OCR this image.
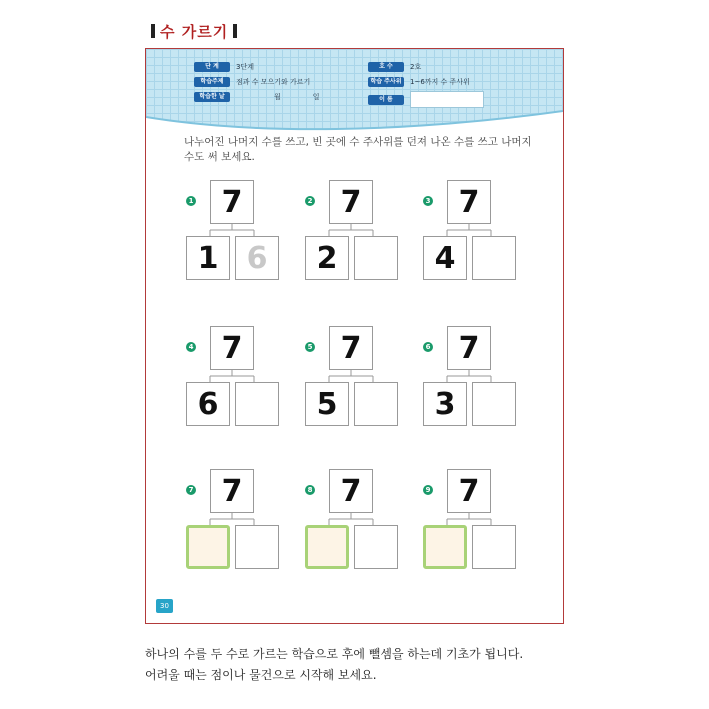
수 가르기
단 계	3단계
학습주제	점과 수 모으기와 가르기
학습한 날	월	일
호 수	2호
학습 주사위	1~6까지 수 주사위
이 름
나누어진 나머지 수를 쓰고, 빈 곳에 수 주사위를 던져 나온 수를 쓰고 나머지 수도 써 보세요.
1 7
1 6
2 7
2
3 7
4
4 7
6
5 7
5
6 7
3
7 7	8 7	9 7
30
하나의 수를 두 수로 가르는 학습으로 후에 뺄셈을 하는데 기초가 됩니다.
어려울 때는 점이나 물건으로 시작해 보세요.
